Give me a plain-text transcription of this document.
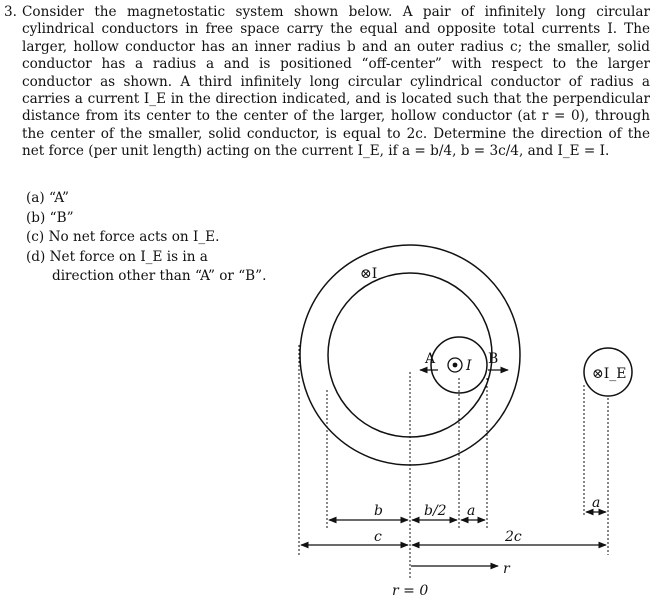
3. Consider the magnetostatic system shown below. A pair of infinitely long circular cylindrical conductors in free space carry the equal and opposite total currents I. The larger, hollow conductor has an inner radius b and an outer radius c; the smaller, solid conductor has a radius a and is positioned “off-center” with respect to the larger conductor as shown. A third infinitely long circular cylindrical conductor of radius a carries a current I_E in the direction indicated, and is located such that the perpendicular distance from its center to the center of the larger, hollow conductor (at r = 0), through the center of the smaller, solid conductor, is equal to 2c. Determine the direction of the net force (per unit length) acting on the current I_E, if a = b/4, b = 3c/4, and I_E = I.
(a) “A”
(b) “B”
(c) No net force acts on I_E.
(d) Net force on I_E is in a
direction other than “A” or “B”.	⊗I
I	⊗I_E
A	B
b	b/2 a	a
c	2c
r
r = 0
